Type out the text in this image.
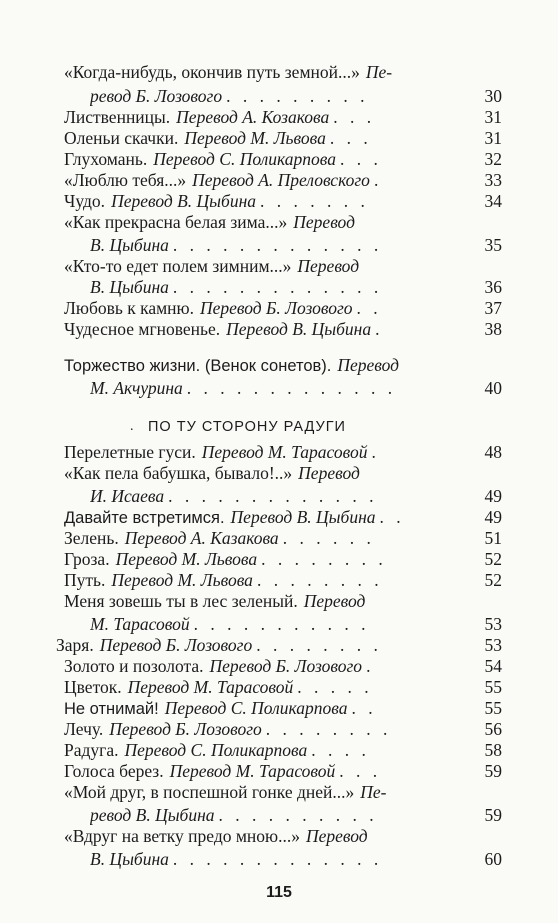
«Когда-нибудь, окончив путь земной...» Пе-
ревод Б. Лозового . . . . . . . . .	30
Лиственницы. Перевод А. Козакова . . .	31
Оленьи скачки. Перевод М. Львова . . .	31
Глухомань. Перевод С. Поликарпова . . .	32
«Люблю тебя...» Перевод А. Преловского .	33
Чудо. Перевод В. Цыбина . . . . . . .	34
«Как прекрасна белая зима...» Перевод
В. Цыбина . . . . . . . . . . . . .	35
«Кто-то едет полем зимним...» Перевод
В. Цыбина . . . . . . . . . . . . .	36
Любовь к камню. Перевод Б. Лозового . .	37
Чудесное мгновенье. Перевод В. Цыбина .	38
Торжество жизни. (Венок сонетов). Перевод
М. Акчурина . . . . . . . . . . . . .	40
. ПО ТУ СТОРОНУ РАДУГИ
Перелетные гуси. Перевод М. Тарасовой .	48
«Как пела бабушка, бывало!..» Перевод
И. Исаева . . . . . . . . . . . . .	49
Давайте встретимся. Перевод В. Цыбина . .	49
Зелень. Перевод А. Казакова . . . . . .	51
Гроза. Перевод М. Львова . . . . . . . .	52
Путь. Перевод М. Львова . . . . . . . .	52
Меня зовешь ты в лес зеленый. Перевод
М. Тарасовой . . . . . . . . . . .	53
Заря. Перевод Б. Лозового . . . . . . . .	53
Золото и позолота. Перевод Б. Лозового .	54
Цветок. Перевод М. Тарасовой . . . . .	55
Не отнимай! Перевод С. Поликарпова . .	55
Лечу. Перевод Б. Лозового . . . . . . . .	56
Радуга. Перевод С. Поликарпова . . . .	58
Голоса берез. Перевод М. Тарасовой . . .	59
«Мой друг, в поспешной гонке дней...» Пе-
ревод В. Цыбина . . . . . . . . . .	59
«Вдруг на ветку предо мною...» Перевод
В. Цыбина . . . . . . . . . . . . .	60
115
